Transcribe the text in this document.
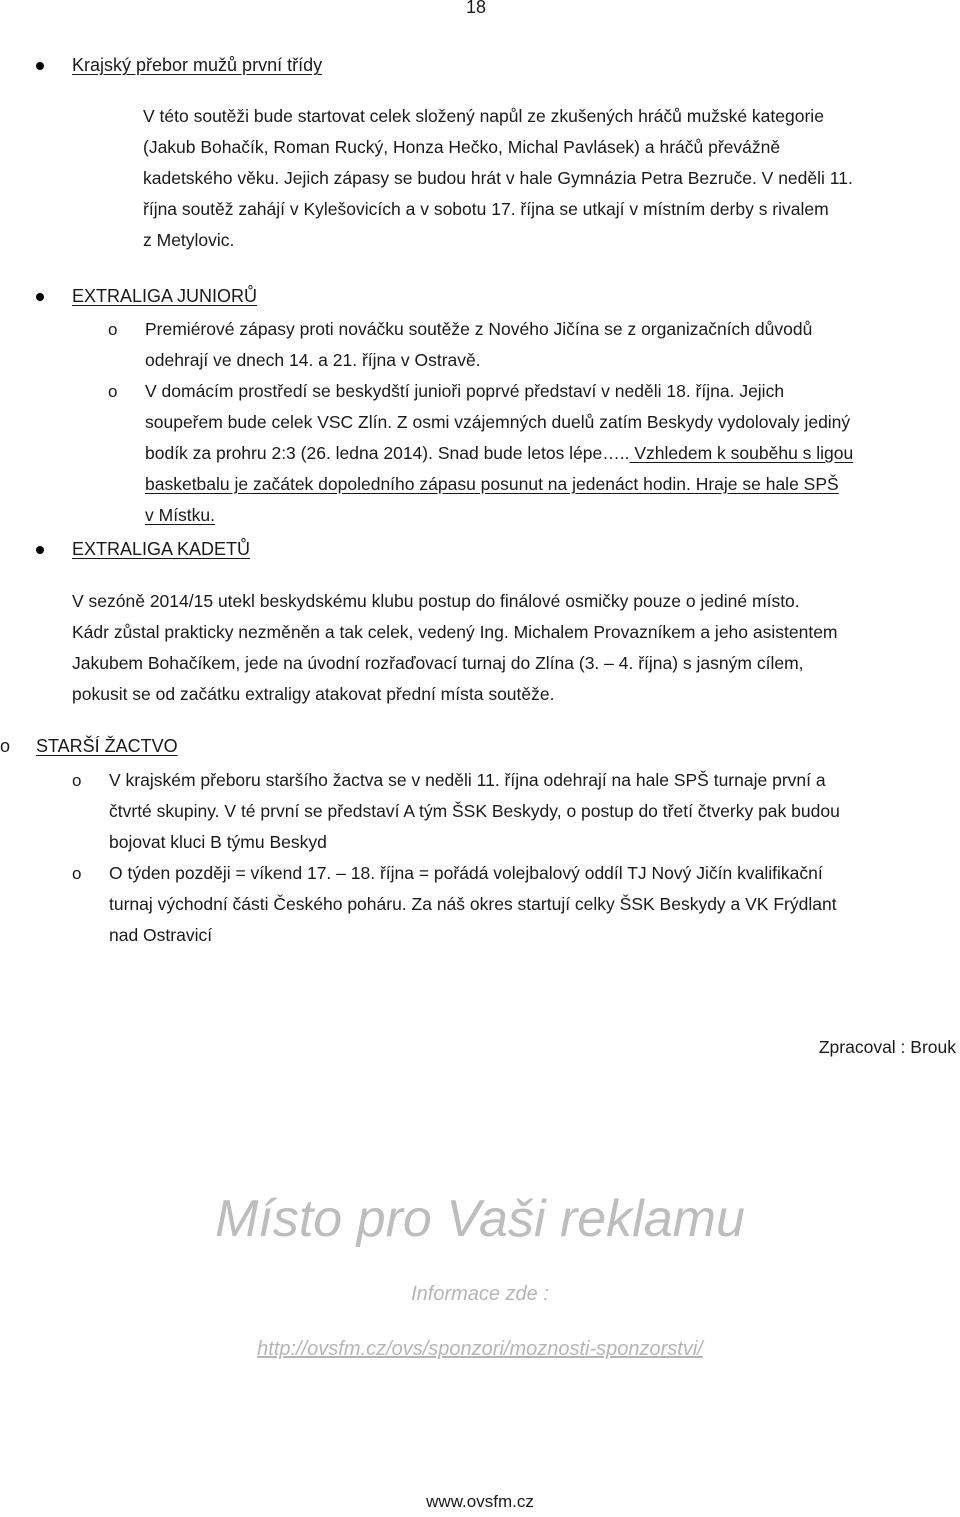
18
Krajský přebor mužů první třídy
V této soutěži bude startovat celek složený napůl ze zkušených hráčů mužské kategorie
(Jakub Bohačík, Roman Rucký, Honza Hečko, Michal Pavlásek) a hráčů převážně
kadetského věku. Jejich zápasy se budou hrát v hale Gymnázia Petra Bezruče. V neděli 11.
října soutěž zahájí v Kylešovicích a v sobotu 17. října se utkají v místním derby s rivalem
z Metylovic.
EXTRALIGA JUNIORŮ
o Premiérové zápasy proti nováčku soutěže z Nového Jičína se z organizačních důvodů
odehrají ve dnech 14. a 21. října v Ostravě.
o V domácím prostředí se beskydští junioři poprvé představí v neděli 18. října. Jejich
soupeřem bude celek VSC Zlín. Z osmi vzájemných duelů zatím Beskydy vydolovaly jediný
bodík za prohru 2:3 (26. ledna 2014). Snad bude letos lépe….. Vzhledem k souběhu s ligou
basketbalu je začátek dopoledního zápasu posunut na jedenáct hodin. Hraje se hale SPŠ
v Místku.
EXTRALIGA KADETŮ
V sezóně 2014/15 utekl beskydskému klubu postup do finálové osmičky pouze o jediné místo.
Kádr zůstal prakticky nezměněn a tak celek, vedený Ing. Michalem Provazníkem a jeho asistentem
Jakubem Bohačíkem, jede na úvodní rozřaďovací turnaj do Zlína (3. – 4. října) s jasným cílem,
pokusit se od začátku extraligy atakovat přední místa soutěže.
o STARŠÍ ŽACTVO
o V krajském přeboru staršího žactva se v neděli 11. října odehrají na hale SPŠ turnaje první a
čtvrté skupiny. V té první se představí A tým ŠSK Beskydy, o postup do třetí čtverky pak budou
bojovat kluci B týmu Beskyd
o O týden později = víkend 17. – 18. října = pořádá volejbalový oddíl TJ Nový Jičín kvalifikační
turnaj východní části Českého poháru. Za náš okres startují celky ŠSK Beskydy a VK Frýdlant
nad Ostravicí
Zpracoval : Brouk
Místo pro Vaši reklamu
Informace zde :
http://ovsfm.cz/ovs/sponzori/moznosti-sponzorstvi/
www.ovsfm.cz
